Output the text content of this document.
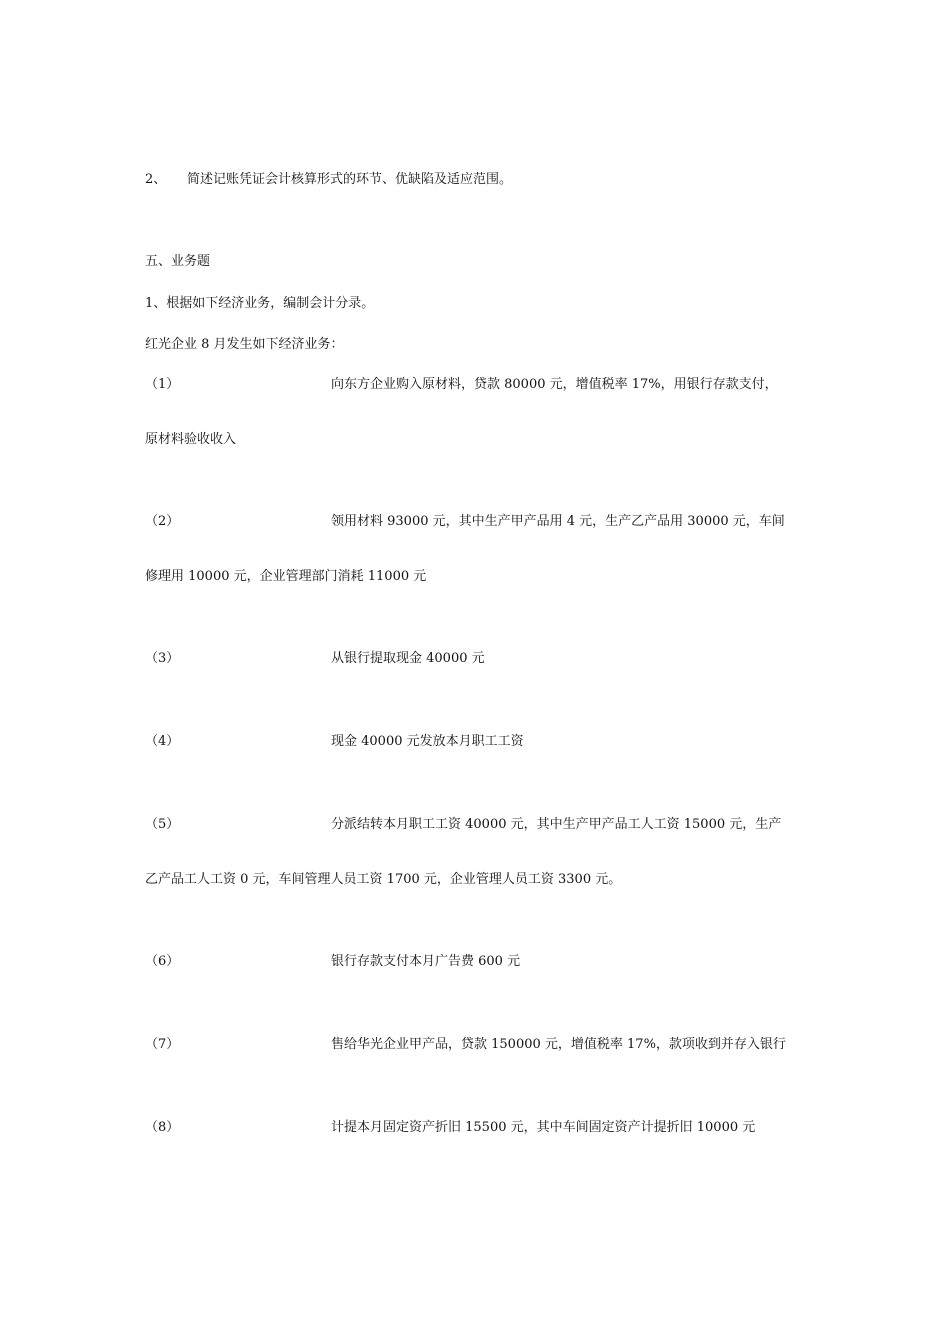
2、 简述记账凭证会计核算形式的环节、优缺陷及适应范围。
五、业务题
1、根据如下经济业务，编制会计分录。
红光企业 8 月发生如下经济业务：
（1）	向东方企业购入原材料，贷款 80000 元，增值税率 17%，用银行存款支付，
原材料验收收入
（2）	领用材料 93000 元，其中生产甲产品用 4 元，生产乙产品用 30000 元，车间
修理用 10000 元，企业管理部门消耗 11000 元
（3）	从银行提取现金 40000 元
（4）	现金 40000 元发放本月职工工资
（5）	分派结转本月职工工资 40000 元，其中生产甲产品工人工资 15000 元，生产
乙产品工人工资 0 元，车间管理人员工资 1700 元，企业管理人员工资 3300 元。
（6）	银行存款支付本月广告费 600 元
（7）	售给华光企业甲产品，贷款 150000 元，增值税率 17%，款项收到并存入银行
（8）	计提本月固定资产折旧 15500 元，其中车间固定资产计提折旧 10000 元
